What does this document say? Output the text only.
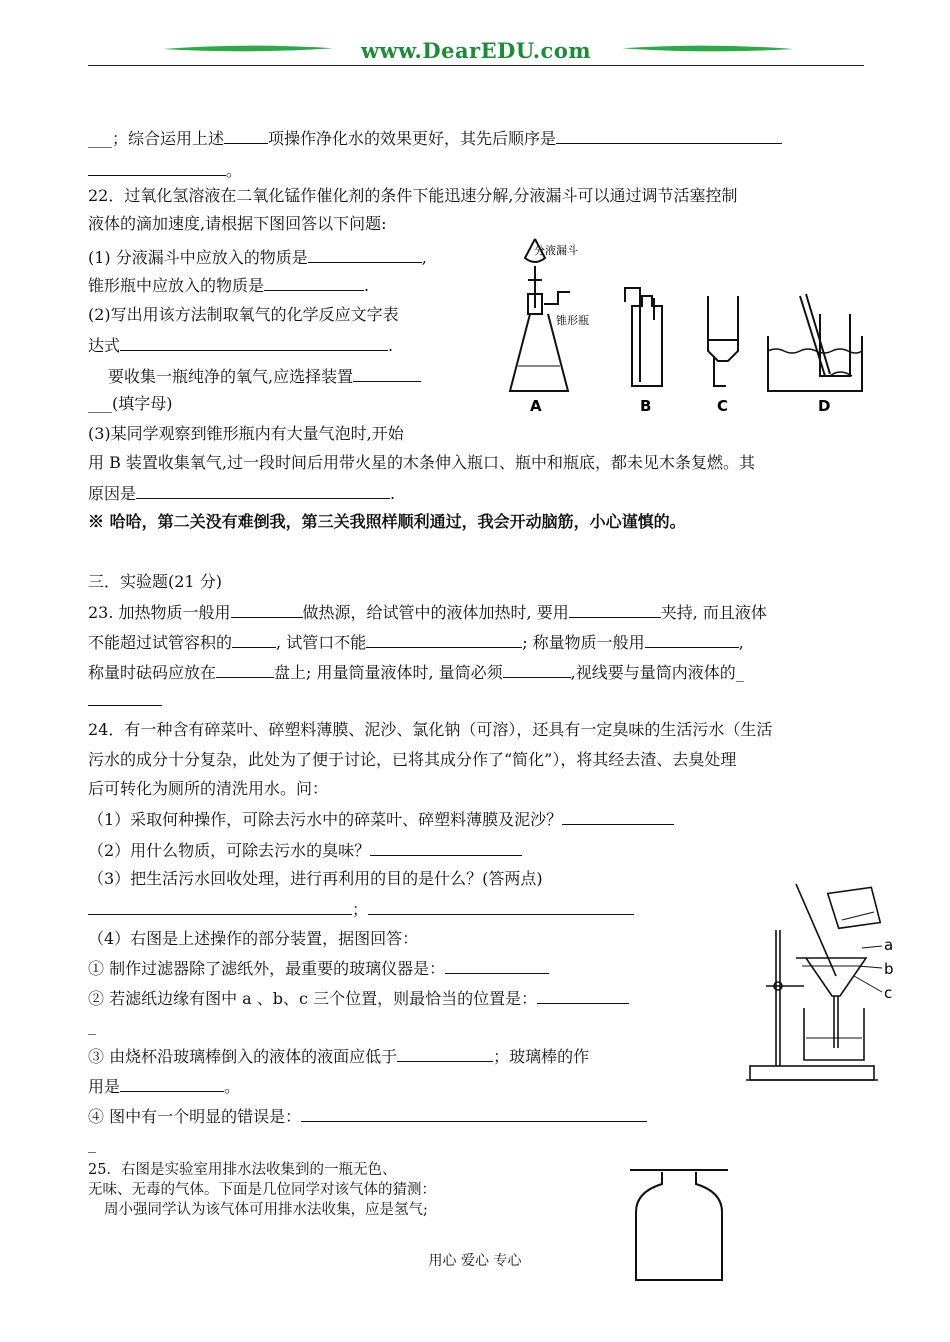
www.DearEDU.com
___；综合运用上述	项操作净化水的效果更好，其先后顺序是
。
22．过氧化氢溶液在二氧化锰作催化剂的条件下能迅速分解,分液漏斗可以通过调节活塞控制
液体的滴加速度,请根据下图回答以下问题:
(1) 分液漏斗中应放入的物质是	,
锥形瓶中应放入的物质是	.
(2)写出用该方法制取氧气的化学反应文字表
达式	.
要收集一瓶纯净的氧气,应选择装置
___(填字母)
(3)某同学观察到锥形瓶内有大量气泡时,开始
用 B 装置收集氧气,过一段时间后用带火星的木条伸入瓶口、瓶中和瓶底，都未见木条复燃。其
原因是	.
※ 哈哈，第二关没有难倒我，第三关我照样顺利通过，我会开动脑筋，小心谨慎的。
分液漏斗
锥形瓶
A	B	C	D
三．实验题(21 分)
23. 加热物质一般用	做热源，给试管中的液体加热时, 要用	夹持, 而且液体
不能超过试管容积的	, 试管口不能	; 称量物质一般用	,
称量时砝码应放在	盘上; 用量筒量液体时, 量筒必须	,视线要与量筒内液体的_
24．有一种含有碎菜叶、碎塑料薄膜、泥沙、氯化钠（可溶），还具有一定臭味的生活污水（生活
污水的成分十分复杂，此处为了便于讨论，已将其成分作了“简化”），将其经去渣、去臭处理
后可转化为厕所的清洗用水。问：
（1）采取何种操作，可除去污水中的碎菜叶、碎塑料薄膜及泥沙？
（2）用什么物质，可除去污水的臭味？
（3）把生活污水回收处理，进行再利用的目的是什么？(答两点)
；
（4）右图是上述操作的部分装置，据图回答：
① 制作过滤器除了滤纸外，最重要的玻璃仪器是：
② 若滤纸边缘有图中 a 、b、c 三个位置，则最恰当的位置是：
_
③ 由烧杯沿玻璃棒倒入的液体的液面应低于	；玻璃棒的作
用是	。
④ 图中有一个明显的错误是：
_
a
b
c
25．右图是实验室用排水法收集到的一瓶无色、
无味、无毒的气体。下面是几位同学对该气体的猜测：
周小强同学认为该气体可用排水法收集，应是氢气;
用心 爱心 专心
